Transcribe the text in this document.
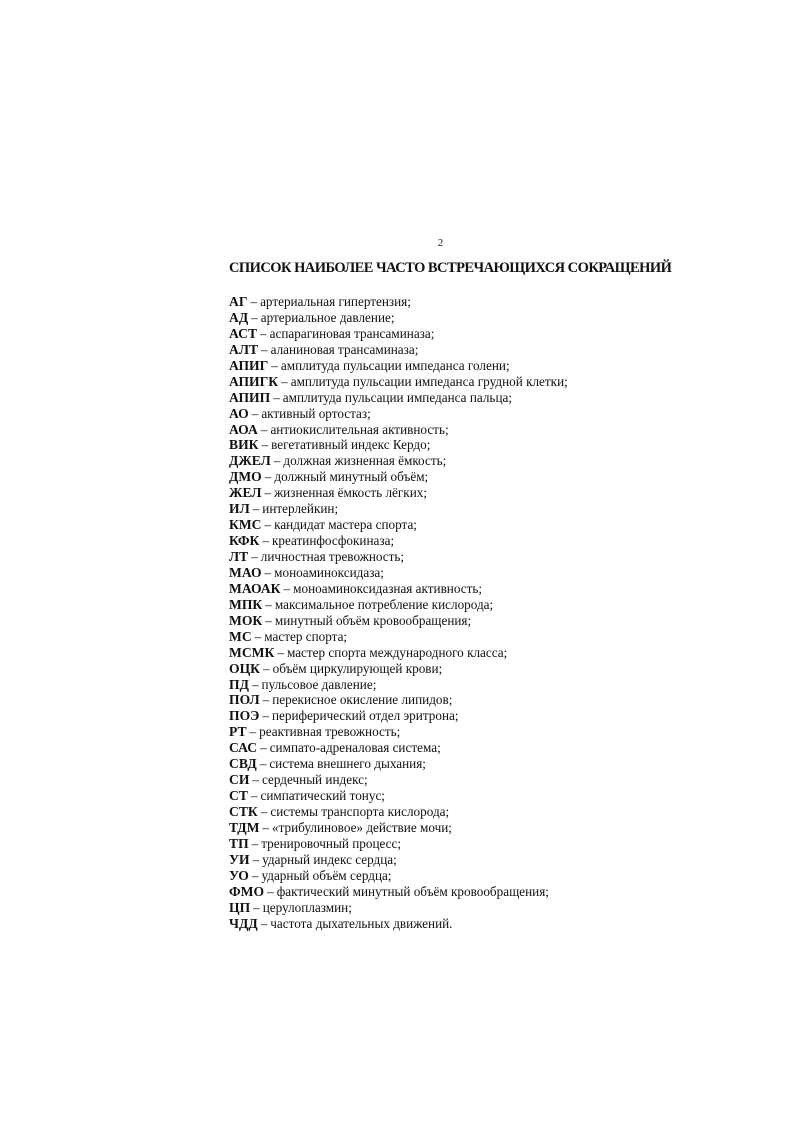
2
СПИСОК НАИБОЛЕЕ ЧАСТО ВСТРЕЧАЮЩИХСЯ СОКРАЩЕНИЙ
АГ – артериальная гипертензия;
АД – артериальное давление;
АСТ – аспарагиновая трансаминаза;
АЛТ – аланиновая трансаминаза;
АПИГ – амплитуда пульсации импеданса голени;
АПИГК – амплитуда пульсации импеданса грудной клетки;
АПИП – амплитуда пульсации импеданса пальца;
АО – активный ортостаз;
АОА – антиокислительная активность;
ВИК – вегетативный индекс Кердо;
ДЖЕЛ – должная жизненная ёмкость;
ДМО – должный минутный объём;
ЖЕЛ – жизненная ёмкость лёгких;
ИЛ – интерлейкин;
КМС – кандидат мастера спорта;
КФК – креатинфосфокиназа;
ЛТ – личностная тревожность;
МАО – моноаминоксидаза;
МАОАК – моноаминоксидазная активность;
МПК – максимальное потребление кислорода;
МОК – минутный объём кровообращения;
МС – мастер спорта;
МСМК – мастер спорта международного класса;
ОЦК – объём циркулирующей крови;
ПД – пульсовое давление;
ПОЛ – перекисное окисление липидов;
ПОЭ – периферический отдел эритрона;
РТ – реактивная тревожность;
САС – симпато-адреналовая система;
СВД – система внешнего дыхания;
СИ – сердечный индекс;
СТ – симпатический тонус;
СТК – системы транспорта кислорода;
ТДМ – «трибулиновое» действие мочи;
ТП – тренировочный процесс;
УИ – ударный индекс сердца;
УО – ударный объём сердца;
ФМО – фактический минутный объём кровообращения;
ЦП – церулоплазмин;
ЧДД – частота дыхательных движений.
